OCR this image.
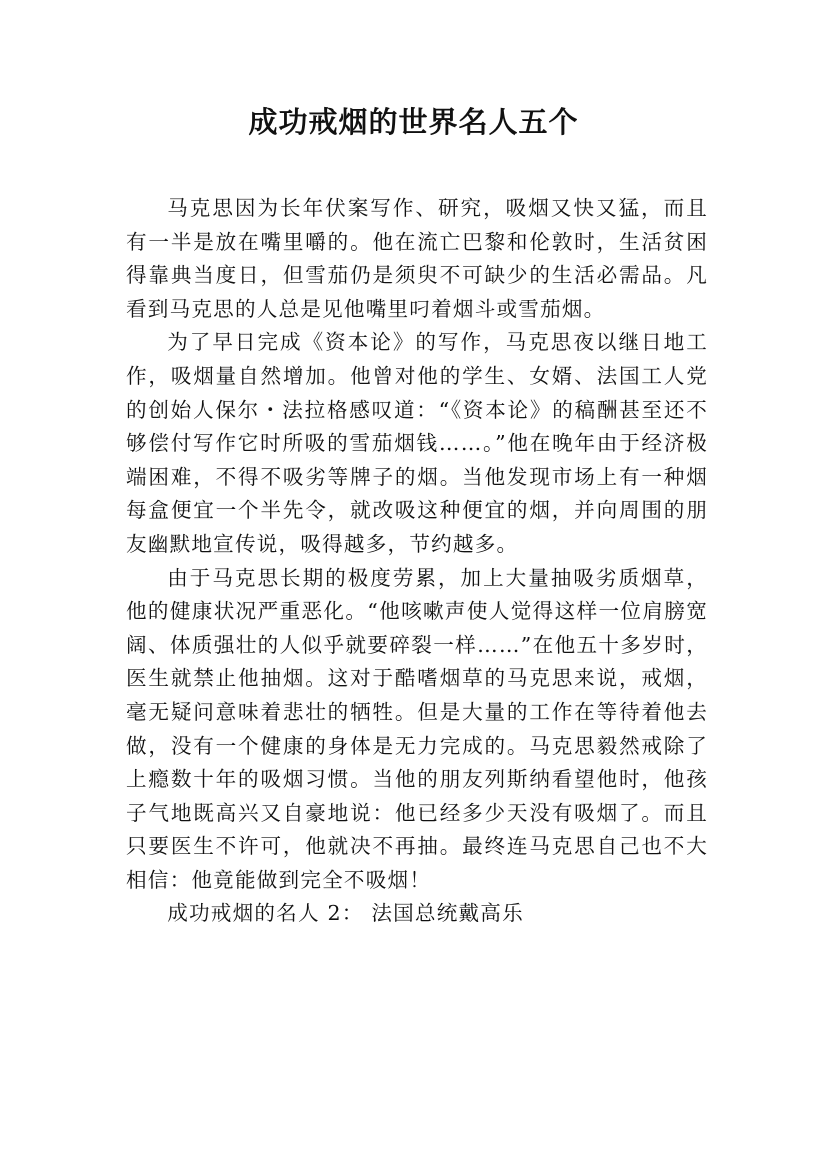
成功戒烟的世界名人五个

马克思因为长年伏案写作、研究，吸烟又快又猛，而且有一半是放在嘴里嚼的。他在流亡巴黎和伦敦时，生活贫困得靠典当度日，但雪茄仍是须臾不可缺少的生活必需品。凡看到马克思的人总是见他嘴里叼着烟斗或雪茄烟。

为了早日完成《资本论》的写作，马克思夜以继日地工作，吸烟量自然增加。他曾对他的学生、女婿、法国工人党的创始人保尔・法拉格感叹道：“《资本论》的稿酬甚至还不够偿付写作它时所吸的雪茄烟钱……。”他在晚年由于经济极端困难，不得不吸劣等牌子的烟。当他发现市场上有一种烟每盒便宜一个半先令，就改吸这种便宜的烟，并向周围的朋友幽默地宣传说，吸得越多，节约越多。

由于马克思长期的极度劳累，加上大量抽吸劣质烟草，他的健康状况严重恶化。“他咳嗽声使人觉得这样一位肩膀宽阔、体质强壮的人似乎就要碎裂一样……”在他五十多岁时，医生就禁止他抽烟。这对于酷嗜烟草的马克思来说，戒烟，毫无疑问意味着悲壮的牺牲。但是大量的工作在等待着他去做，没有一个健康的身体是无力完成的。马克思毅然戒除了上瘾数十年的吸烟习惯。当他的朋友列斯纳看望他时，他孩子气地既高兴又自豪地说：他已经多少天没有吸烟了。而且只要医生不许可，他就决不再抽。最终连马克思自己也不大相信：他竟能做到完全不吸烟！

成功戒烟的名人 2： 法国总统戴高乐
